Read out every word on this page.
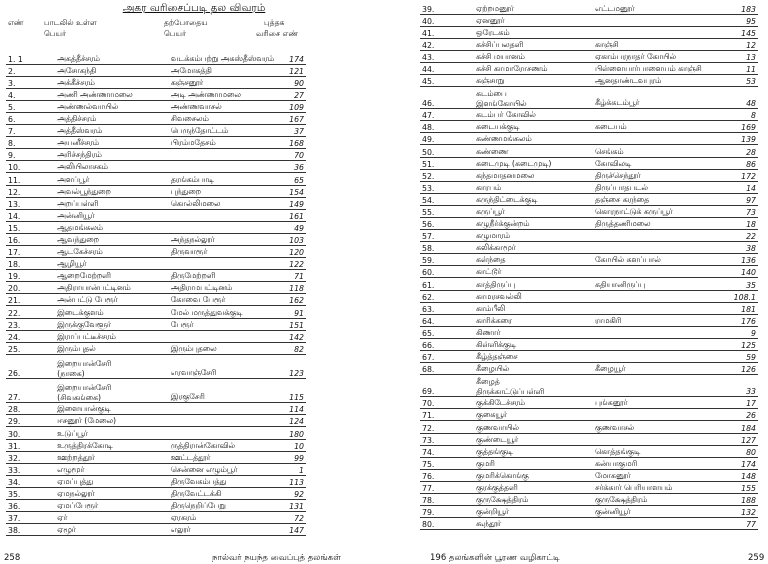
அகர வரிசைப்படி தல விவரம்
எண்	பாடலில் உள்ள
பெயர்
தற்போதைய
பெயர்
புத்தக
வரிசை எண்
1. 1	அகத்தீச்சரம்	வடக்கம்பற்று அகஸ்தீஸ்வரம்	174
2.	அசோகந்தி	அமோகத்தி	121
3.	அக்கீச்சரம்	கஞ்சனூர்	90
4.	அணி அண்ணாமலை	அடி அண்ணாமலை	27
5.	அண்ணல்வாயில்	அண்ணவாசல்	109
6.	அத்திச்சரம்	சிவசைலம்	167
7.	அத்தீஸ்வரம்	பெருந்தோட்டம்	37
8.	அயனீச்சரம்	பிரம்மதேசம்	168
9.	அரிச்சந்திரம்		70
10.	அலியிலாசகம்		36
11.	அளப்பூர்	தரங்கம்பாடி	65
12.	அவல்பூந்துறை	புந்துறை	154
13.	அறப்பள்ளி	கொல்லிமலை	149
14.	அன்னியூர்		161
15.	ஆதமங்கலம்		49
16.	ஆவந்துறை	அந்தநல்லூர்	103
17.	ஆடகேச்சரம்	திருவாரூர்	120
18.	ஆழியூர்		122
19.	ஆறைமேற்றளி	திருமேற்றளி	71
20.	அதிராயான்பட்டினம்	அதிராமபட்டினம்	118
21.	அன்பட்டு பேரூர்	கோவை பேரூர்	162
22.	இடைக்குளம்	மேல் மருத்துவக்குடி	91
23.	இருக்குவேளூர்	பேரூர்	151
24.	இராப்பட்டீச்சரம்		142
25.	இரும்புதல்	இரும்புதலை	82
26.	இறையான்சேரி
(நாகை)	எரவாஞ்சேரி	123
27.	இறையான்சேரி
(சிவகங்கை)	இரகுசேரி	115
28.	இளையான்குடி		114
29.	ஈசனூர் (மேலை)		124
30.	உடுப்பூர்		180
31.	உருத்திரக்கோடி	ருத்திரான்கோவில்	10
32.	ஊற்றத்தூர்	ஊட்டத்தூர்	99
33.	எழுமூர்	சென்னை எழும்பூர்	1
34.	ஏமப்புத்து	திருவேகம்பத்து	113
35.	ஏமநல்லூர்	திருவேட்டக்கி	92
36.	ஏமப்பேரூர்	திருநெறிப்பேறு	131
37.	ஏர்	ஏரகரம்	72
38.	ஏழூர்	எலூர்	147
258	நால்வர் நயந்த வைப்புத் தலங்கள்
39.	ஏற்றமனூர்	எட்டமனூர்	183
40.	ஏனனூர்		95
41.	ஒரேடகம்		145
42.	கச்சிப்பலதளி	காஞ்சி	12
43.	கச்சி மயானம்	ஏகாம்பரநாதர் கோயில்	13
44.	கச்சி காமாரோசணம்	பிள்ளையார்பாளையம் காஞ்சி	11
45.	கஞ்சாறு	ஆனதாண்டவபுரம்	53
46.	கடம்பை
இளங்கோயில்	கீழ்க்கடம்பூர்	48
47.	கடம்பர் கோவில்		8
48.	கடையக்குடி	கடையம்	169
49.	கண்ணமங்கலம்		139
50.	கண்ணை	செங்கம்	28
51.	கடைமுடி (கடைமுடி)	கோவிலடி	86
52.	கந்தமாதனமலை	திருச்செந்தூர்	172
53.	காரபம்	திருப்பாதபடல்	14
54.	கருந்திட்டைக்குடி	தஞ்சை கரந்தை	97
55.	கருப்பூர்	கொரநாட்டுக் கருப்பூர்	73
56.	கழுநீர்க்குன்றம்	திருத்தணிமலை	18
57.	கழுமாரம்		22
58.	கலிக்காமூர்		38
59.	கள்ந்தை	கோயில் களப்பால்	136
60.	காட்டூர்		140
61.	காத்திருப்பு	கதியானிருப்பு	35
62.	காமரசவல்லி		108.1
63.	காம்பீலி		181
64.	காரிக்கரை	ராமகிரி	176
65.	கிணார்		9
66.	கிள்ளிக்குடி		125
67.	கீழ்த்தஞ்சை		59
68.	கீழையில்	கீழையூர்	126
69.	கீழைத்
திருக்காட்டுப்பள்ளி		33
70.	குக்கிடேச்சரம்	புங்கனூர்	17
71.	குகையூர்		26
72.	குணவாயில்	குணவாசல்	184
73.	குண்டையூர்		127
74.	குத்தங்குடி	கொத்தங்குடி	80
75.	குமரி	கன்யாகுமரி	174
76.	குமரிக்கொங்கு	மோகனூர்	148
77.	குரக்குத்தளி	சர்க்கார் பெரியாளயம்	155
78.	குருக்ஷேத்திரம்	குருக்ஷேத்திரம்	188
79.	குன்றியூர்	குன்னியூர்	132
80.	கூந்தூர்		77
196 தலங்களின் பூரண வழிகாட்டி	259
